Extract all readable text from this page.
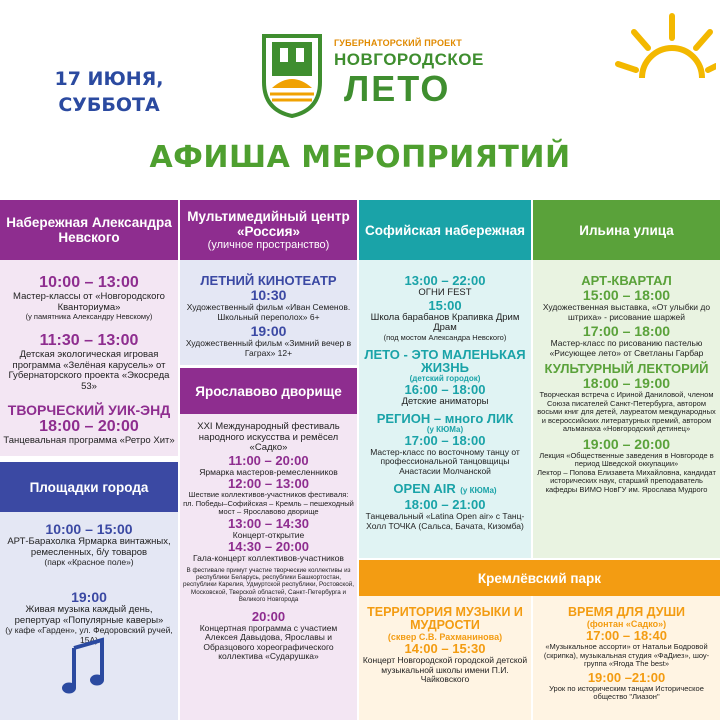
17 ИЮНЯ,
СУББОТА
ГУБЕРНАТОРСКИЙ ПРОЕКТ
НОВГОРОДСКОЕ
ЛЕТО
АФИША МЕРОПРИЯТИЙ
Набережная Александра Невского
10:00 – 13:00
Мастер-классы от «Новгородского Кванториума»
(у памятника Александру Невскому)
11:30 – 13:00
Детская экологическая игровая программа «Зелёная карусель» от Губернаторского проекта «Экосреда 53»
ТВОРЧЕСКИЙ УИК-ЭНД
18:00 – 20:00
Танцевальная программа «Ретро Хит»
Площадки города
10:00 – 15:00
АРТ-Барахолка Ярмарка винтажных, ремесленных, б/у товаров
(парк «Красное поле»)
19:00
Живая музыка каждый день, репертуар «Популярные каверы»
(у кафе «Гарден», ул. Федоровский ручей, 15А)
Мультимедийный центр «Россия»
(уличное пространство)
ЛЕТНИЙ КИНОТЕАТР
10:30
Художественный фильм «Иван Семенов. Школьный переполох» 6+
19:00
Художественный фильм «Зимний вечер в Гаграх» 12+
Ярославово дворище
XXI Международный фестиваль народного искусства и ремёсел «Садко»
11:00 – 20:00
Ярмарка мастеров-ремесленников
12:00 – 13:00
Шествие коллективов-участников фестиваля: пл. Победы–Софийская – Кремль – пешеходный мост – Ярославово дворище
13:00 – 14:30
Концерт-открытие
14:30 – 20:00
Гала-концерт коллективов-участников
В фестивале примут участие творческие коллективы из республики Беларусь, республики Башкортостан, республики Карелия, Удмуртской республики, Ростовской, Московской, Тверской областей, Санкт-Петербурга и Великого Новгорода
20:00
Концертная программа с участием Алексея Давыдова, Ярославы и Образцового хореографического коллектива «Сударушка»
Софийская набережная
13:00 – 22:00
ОГНИ FEST
15:00
Школа барабанов Крапивка Дрим Драм
(под мостом Александра Невского)
ЛЕТО - ЭТО МАЛЕНЬКАЯ ЖИЗНЬ
(детский городок)
16:00 – 18:00
Детские аниматоры
РЕГИОН – много ЛИК
(у КЮМа)
17:00 – 18:00
Мастер-класс по восточному танцу от профессиональной танцовщицы Анастасии Молчанской
OPEN AIR (у КЮМа)
18:00 – 21:00
Танцевальный «Latina Open air» с Танц-Холл ТОЧКА (Сальса, Бачата, Кизомба)
Ильина улица
АРТ-КВАРТАЛ
15:00 – 18:00
Художественная выставка, «От улыбки до штриха» - рисование шаржей
17:00 – 18:00
Мастер-класс по рисованию пастелью «Рисующее лето» от Светланы Гарбар
КУЛЬТУРНЫЙ ЛЕКТОРИЙ
18:00 – 19:00
Творческая встреча с Ириной Даниловой, членом Союза писателей Санкт-Петербурга, автором восьми книг для детей, лауреатом международных и всероссийских литературных премий, автором альманаха «Новгородский детинец»
19:00 – 20:00
Лекция «Общественные заведения в Новгороде в период Шведской оккупации»
Лектор – Попова Елизавета Михайловна, кандидат исторических наук, старший преподаватель кафедры ВИМО НовГУ им. Ярослава Мудрого
Кремлёвский парк
ТЕРРИТОРИЯ МУЗЫКИ И МУДРОСТИ
(сквер С.В. Рахманинова)
14:00 – 15:30
Концерт Новгородской городской детской музыкальной школы имени П.И. Чайковского
ВРЕМЯ ДЛЯ ДУШИ
(фонтан «Садко»)
17:00 – 18:40
«Музыкальное ассорти» от Натальи Бодровой (скрипка), музыкальная студия «ФаДиез», шоу-группа «Ягода The best»
19:00 –21:00
Урок по историческим танцам Историческое общество "Лиазон"
